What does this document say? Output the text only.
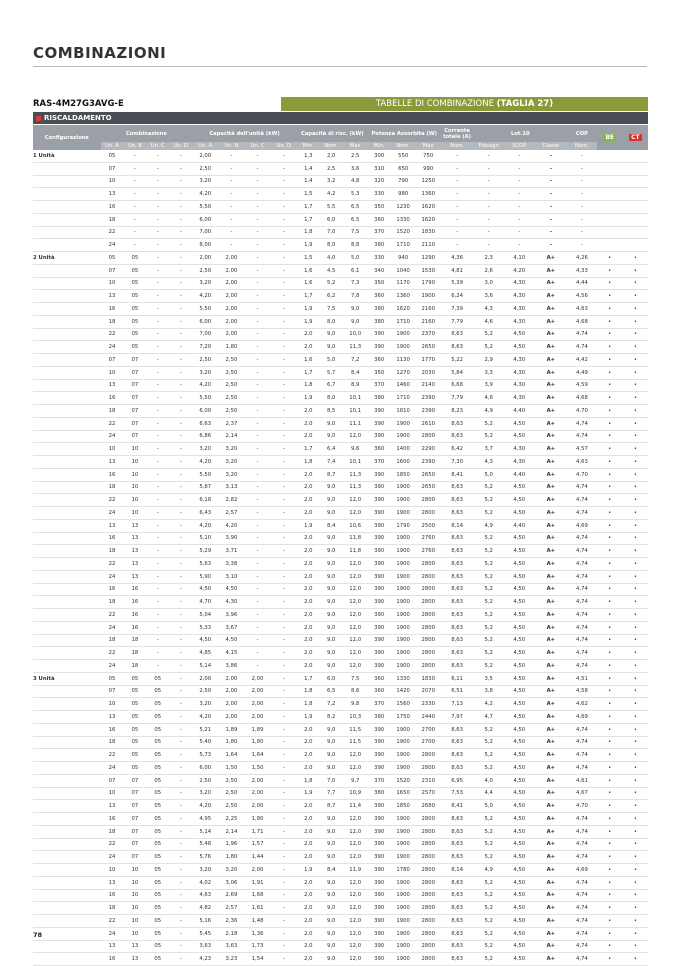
COMBINAZIONI
RAS-4M27G3AVG-E	TABELLE DI COMBINAZIONE (TAGLIA 27)
RISCALDAMENTO
Configurazione	Combinazione				Capacità dell'unità (kW)				Capacità di risc. (kW)			Potenza Assorbita (W)			Corrente totale (A)	Lot.10			COP	BE	CT
	Un. A	Un. B	Un. C	Un. D	Un. A	Un. B	Un. C	Un. D	Min.	Nom.	Max	Min.	Nom.	Max	Nom.	Pdesign	SCOP	Classe	Nom.		
1 Unità	05	-	-	-	2,00	-	-	-	1,3	2,0	2,5	300	550	750	-	-	-	-	-		
	07	-	-	-	2,50	-	-	-	1,4	2,5	3,6	310	650	990	-	-	-	-	-		
	10	-	-	-	3,20	-	-	-	1,4	3,2	4,8	320	790	1250	-	-	-	-	-		
	13	-	-	-	4,20	-	-	-	1,5	4,2	5,3	330	980	1360	-	-	-	-	-		
	16	-	-	-	5,50	-	-	-	1,7	5,5	6,5	350	1230	1620	-	-	-	-	-		
	18	-	-	-	6,00	-	-	-	1,7	6,0	6,5	360	1330	1620	-	-	-	-	-		
	22	-	-	-	7,00	-	-	-	1,8	7,0	7,5	370	1520	1830	-	-	-	-	-		
	24	-	-	-	8,00	-	-	-	1,9	8,0	8,8	380	1710	2110	-	-	-	-	-		
2 Unità	05	05	-	-	2,00	2,00	-	-	1,5	4,0	5,0	330	940	1290	4,36	2,3	4,10	A+	4,26	•	•
	07	05	-	-	2,50	2,00	-	-	1,6	4,5	6,1	340	1040	1530	4,81	2,6	4,20	A+	4,33	•	•
	10	05	-	-	3,20	2,00	-	-	1,6	5,2	7,3	350	1170	1790	5,39	3,0	4,30	A+	4,44	•	•
	13	05	-	-	4,20	2,00	-	-	1,7	6,2	7,8	360	1360	1900	6,24	3,6	4,30	A+	4,56	•	•
	16	05	-	-	5,50	2,00	-	-	1,9	7,5	9,0	380	1620	2160	7,39	4,3	4,30	A+	4,63	•	•
	18	05	-	-	6,00	2,00	-	-	1,9	8,0	9,0	380	1710	2160	7,79	4,6	4,30	A+	4,68	•	•
	22	05	-	-	7,00	2,00	-	-	2,0	9,0	10,0	390	1900	2370	8,63	5,2	4,50	A+	4,74	•	•
	24	05	-	-	7,20	1,80	-	-	2,0	9,0	11,3	390	1900	2650	8,63	5,2	4,50	A+	4,74	•	•
	07	07	-	-	2,50	2,50	-	-	1,6	5,0	7,2	360	1130	1770	5,22	2,9	4,30	A+	4,42	•	•
	10	07	-	-	3,20	2,50	-	-	1,7	5,7	8,4	350	1270	2030	5,84	3,3	4,30	A+	4,49	•	•
	13	07	-	-	4,20	2,50	-	-	1,8	6,7	8,9	370	1460	2140	6,68	3,9	4,30	A+	4,59	•	•
	16	07	-	-	5,50	2,50	-	-	1,9	8,0	10,1	380	1710	2390	7,79	4,6	4,30	A+	4,68	•	•
	18	07	-	-	6,00	2,50	-	-	2,0	8,5	10,1	390	1810	2390	8,23	4,9	4,40	A+	4,70	•	•
	22	07	-	-	6,63	2,37	-	-	2,0	9,0	11,1	390	1900	2610	8,63	5,2	4,50	A+	4,74	•	•
	24	07	-	-	6,86	2,14	-	-	2,0	9,0	12,0	390	1900	2800	8,63	5,2	4,50	A+	4,74	•	•
	10	10	-	-	3,20	3,20	-	-	1,7	6,4	9,6	360	1400	2290	6,42	3,7	4,30	A+	4,57	•	•
	13	10	-	-	4,20	3,20	-	-	1,8	7,4	10,1	370	1600	2390	7,30	4,3	4,30	A+	4,63	•	•
	16	10	-	-	5,50	3,20	-	-	2,0	8,7	11,3	390	1850	2650	8,41	5,0	4,40	A+	4,70	•	•
	18	10	-	-	5,87	3,13	-	-	2,0	9,0	11,3	390	1900	2650	8,63	5,2	4,50	A+	4,74	•	•
	22	10	-	-	6,18	2,82	-	-	2,0	9,0	12,0	390	1900	2800	8,63	5,2	4,50	A+	4,74	•	•
	24	10	-	-	6,43	2,57	-	-	2,0	9,0	12,0	390	1900	2800	8,63	5,2	4,50	A+	4,74	•	•
	13	13	-	-	4,20	4,20	-	-	1,9	8,4	10,6	390	1790	2500	8,14	4,9	4,40	A+	4,69	•	•
	16	13	-	-	5,10	3,90	-	-	2,0	9,0	11,8	390	1900	2760	8,63	5,2	4,50	A+	4,74	•	•
	18	13	-	-	5,29	3,71	-	-	2,0	9,0	11,8	390	1900	2760	8,63	5,2	4,50	A+	4,74	•	•
	22	13	-	-	5,63	3,38	-	-	2,0	9,0	12,0	390	1900	2800	8,63	5,2	4,50	A+	4,74	•	•
	24	13	-	-	5,90	3,10	-	-	2,0	9,0	12,0	390	1900	2800	8,63	5,2	4,50	A+	4,74	•	•
	16	16	-	-	4,50	4,50	-	-	2,0	9,0	12,0	390	1900	2800	8,63	5,2	4,50	A+	4,74	•	•
	18	16	-	-	4,70	4,30	-	-	2,0	9,0	12,0	390	1900	2800	8,63	5,2	4,50	A+	4,74	•	•
	22	16	-	-	5,04	3,96	-	-	2,0	9,0	12,0	390	1900	2800	8,63	5,2	4,50	A+	4,74	•	•
	24	16	-	-	5,33	3,67	-	-	2,0	9,0	12,0	390	1900	2800	8,63	5,2	4,50	A+	4,74	•	•
	18	18	-	-	4,50	4,50	-	-	2,0	9,0	12,0	390	1900	2800	8,63	5,2	4,50	A+	4,74	•	•
	22	18	-	-	4,85	4,15	-	-	2,0	9,0	12,0	390	1900	2800	8,63	5,2	4,50	A+	4,74	•	•
	24	18	-	-	5,14	3,86	-	-	2,0	9,0	12,0	390	1900	2800	8,63	5,2	4,50	A+	4,74	•	•
3 Unità	05	05	05	-	2,00	2,00	2,00	-	1,7	6,0	7,5	360	1330	1830	6,11	3,5	4,50	A+	4,51	•	•
	07	05	05	-	2,50	2,00	2,00	-	1,8	6,5	8,6	360	1420	2070	6,51	3,8	4,50	A+	4,58	•	•
	10	05	05	-	3,20	2,00	2,00	-	1,8	7,2	9,8	370	1560	2330	7,13	4,2	4,50	A+	4,62	•	•
	13	05	05	-	4,20	2,00	2,00	-	1,9	8,2	10,3	380	1750	2440	7,97	4,7	4,50	A+	4,69	•	•
	16	05	05	-	5,21	1,89	1,89	-	2,0	9,0	11,5	390	1900	2700	8,63	5,2	4,50	A+	4,74	•	•
	18	05	05	-	5,40	1,80	1,80	-	2,0	9,0	11,5	390	1900	2700	8,63	5,2	4,50	A+	4,74	•	•
	22	05	05	-	5,73	1,64	1,64	-	2,0	9,0	12,0	390	1900	2800	8,63	5,2	4,50	A+	4,74	•	•
	24	05	05	-	6,00	1,50	1,50	-	2,0	9,0	12,0	390	1900	2800	8,63	5,2	4,50	A+	4,74	•	•
	07	07	05	-	2,50	2,50	2,00	-	1,8	7,0	9,7	370	1520	2310	6,95	4,0	4,50	A+	4,61	•	•
	10	07	05	-	3,20	2,50	2,00	-	1,9	7,7	10,9	380	1650	2570	7,53	4,4	4,50	A+	4,67	•	•
	13	07	05	-	4,20	2,50	2,00	-	2,0	8,7	11,4	390	1850	2680	8,41	5,0	4,50	A+	4,70	•	•
	16	07	05	-	4,95	2,25	1,80	-	2,0	9,0	12,0	390	1900	2800	8,63	5,2	4,50	A+	4,74	•	•
	18	07	05	-	5,14	2,14	1,71	-	2,0	9,0	12,0	390	1900	2800	8,63	5,2	4,50	A+	4,74	•	•
	22	07	05	-	5,48	1,96	1,57	-	2,0	9,0	12,0	390	1900	2800	8,63	5,2	4,50	A+	4,74	•	•
	24	07	05	-	5,76	1,80	1,44	-	2,0	9,0	12,0	390	1900	2800	8,63	5,2	4,50	A+	4,74	•	•
	10	10	05	-	3,20	3,20	2,00	-	1,9	8,4	11,9	390	1780	2800	8,14	4,9	4,50	A+	4,69	•	•
	13	10	05	-	4,02	3,06	1,91	-	2,0	9,0	12,0	390	1900	2800	8,63	5,2	4,50	A+	4,74	•	•
	16	10	05	-	4,63	2,69	1,68	-	2,0	9,0	12,0	390	1900	2800	8,63	5,2	4,50	A+	4,74	•	•
	18	10	05	-	4,82	2,57	1,61	-	2,0	9,0	12,0	390	1900	2800	8,63	5,2	4,50	A+	4,74	•	•
	22	10	05	-	5,16	2,36	1,48	-	2,0	9,0	12,0	390	1900	2800	8,63	5,2	4,50	A+	4,74	•	•
	24	10	05	-	5,45	2,18	1,36	-	2,0	9,0	12,0	390	1900	2800	8,63	5,2	4,50	A+	4,74	•	•
	13	13	05	-	3,63	3,63	1,73	-	2,0	9,0	12,0	390	1900	2800	8,63	5,2	4,50	A+	4,74	•	•
	16	13	05	-	4,23	3,23	1,54	-	2,0	9,0	12,0	390	1900	2800	8,63	5,2	4,50	A+	4,74	•	•
78
